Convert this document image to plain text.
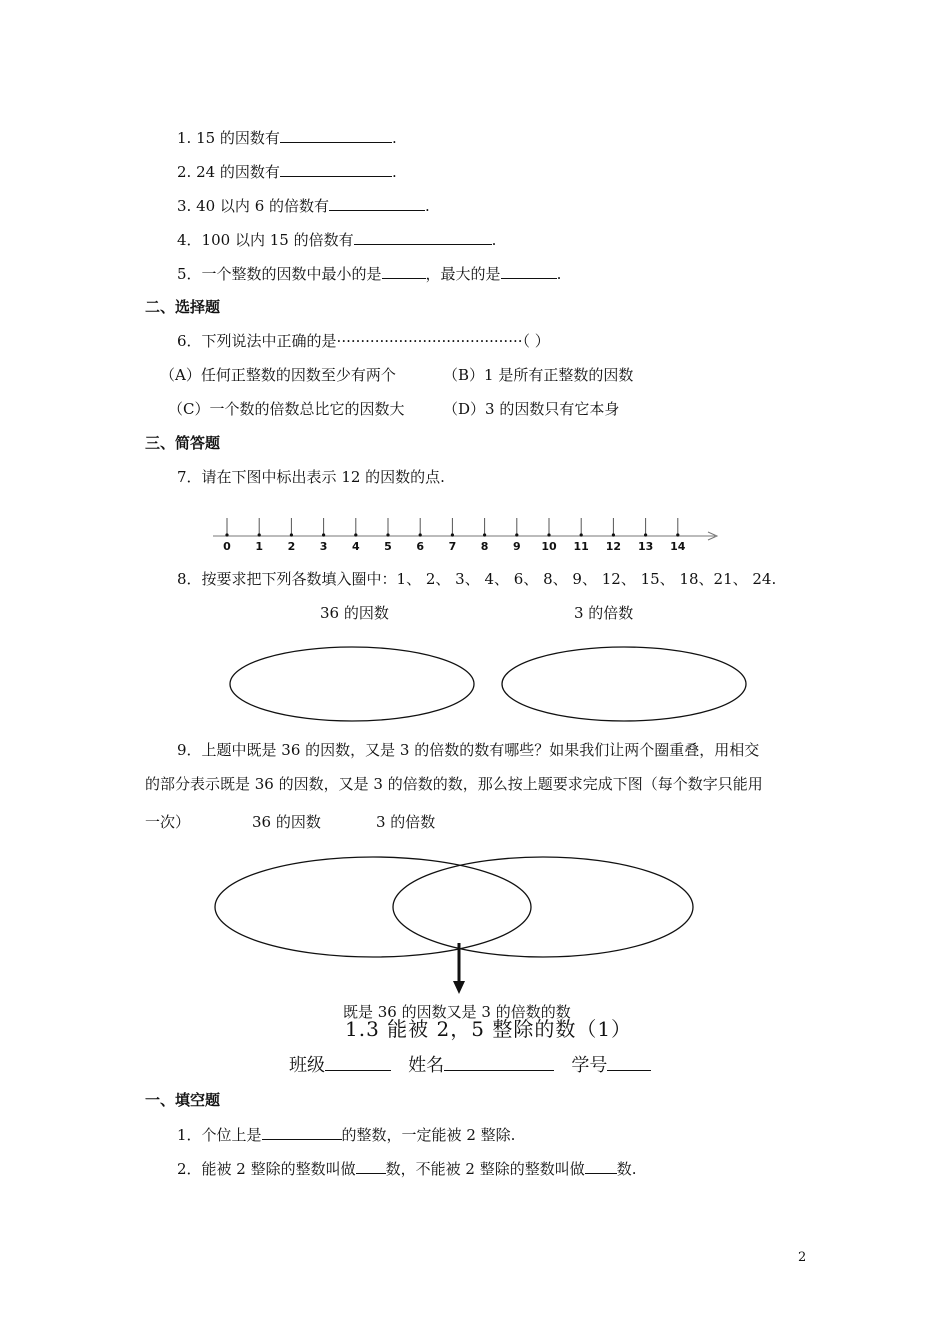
1. 15 的因数有	.
2. 24 的因数有	.
3. 40 以内 6 的倍数有	.
4．100 以内 15 的倍数有	.
5．一个整数的因数中最小的是	，最大的是	.
二、选择题
6．下列说法中正确的是·······································（ ）
（A）任何正整数的因数至少有两个	（B）1 是所有正整数的因数
（C）一个数的倍数总比它的因数大	（D）3 的因数只有它本身
三、简答题
7．请在下图中标出表示 12 的因数的点.
0 1 2 3 4 5 6 7 8 9 10 11 12 13 14
8．按要求把下列各数填入圈中：1、 2、 3、 4、 6、 8、 9、 12、 15、 18、21、 24.
36 的因数	3 的倍数
9．上题中既是 36 的因数，又是 3 的倍数的数有哪些？如果我们让两个圈重叠，用相交
的部分表示既是 36 的因数，又是 3 的倍数的数，那么按上题要求完成下图（每个数字只能用
一次）	36 的因数	3 的倍数
既是 36 的因数又是 3 的倍数的数
1.3 能被 2，5 整除的数（1）
班级	姓名	学号
一、填空题
1．个位上是	的整数，一定能被 2 整除.
2．能被 2 整除的整数叫做 数，不能被 2 整除的整数叫做 数.
2
